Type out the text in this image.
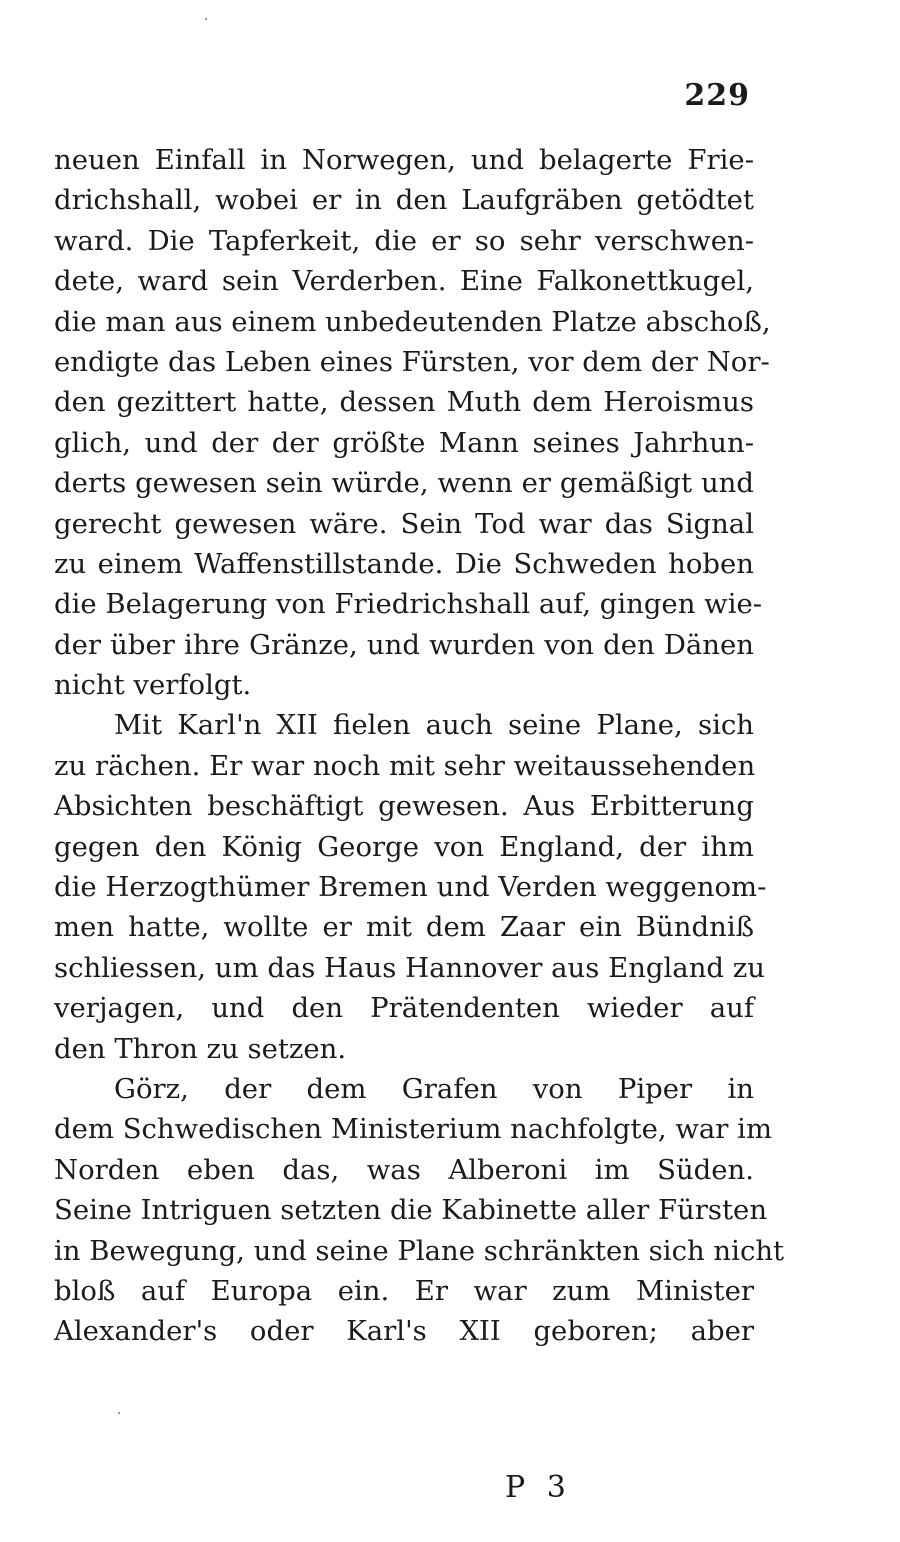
229
neuen Einfall in Norwegen, und belagerte Frie-
drichshall, wobei er in den Laufgräben getödtet
ward. Die Tapferkeit, die er so sehr verschwen-
dete, ward sein Verderben. Eine Falkonettkugel,
die man aus einem unbedeutenden Platze abschoß,
endigte das Leben eines Fürsten, vor dem der Nor-
den gezittert hatte, dessen Muth dem Heroismus
glich, und der der größte Mann seines Jahrhun-
derts gewesen sein würde, wenn er gemäßigt und
gerecht gewesen wäre. Sein Tod war das Signal
zu einem Waffenstillstande. Die Schweden hoben
die Belagerung von Friedrichshall auf, gingen wie-
der über ihre Gränze, und wurden von den Dänen
nicht verfolgt.
Mit Karl'n XII fielen auch seine Plane, sich
zu rächen. Er war noch mit sehr weitaussehenden
Absichten beschäftigt gewesen. Aus Erbitterung
gegen den König George von England, der ihm
die Herzogthümer Bremen und Verden weggenom-
men hatte, wollte er mit dem Zaar ein Bündniß
schliessen, um das Haus Hannover aus England zu
verjagen, und den Prätendenten wieder auf
den Thron zu setzen.
Görz, der dem Grafen von Piper in
dem Schwedischen Ministerium nachfolgte, war im
Norden eben das, was Alberoni im Süden.
Seine Intriguen setzten die Kabinette aller Fürsten
in Bewegung, und seine Plane schränkten sich nicht
bloß auf Europa ein. Er war zum Minister
Alexander's oder Karl's XII geboren; aber
P 3
